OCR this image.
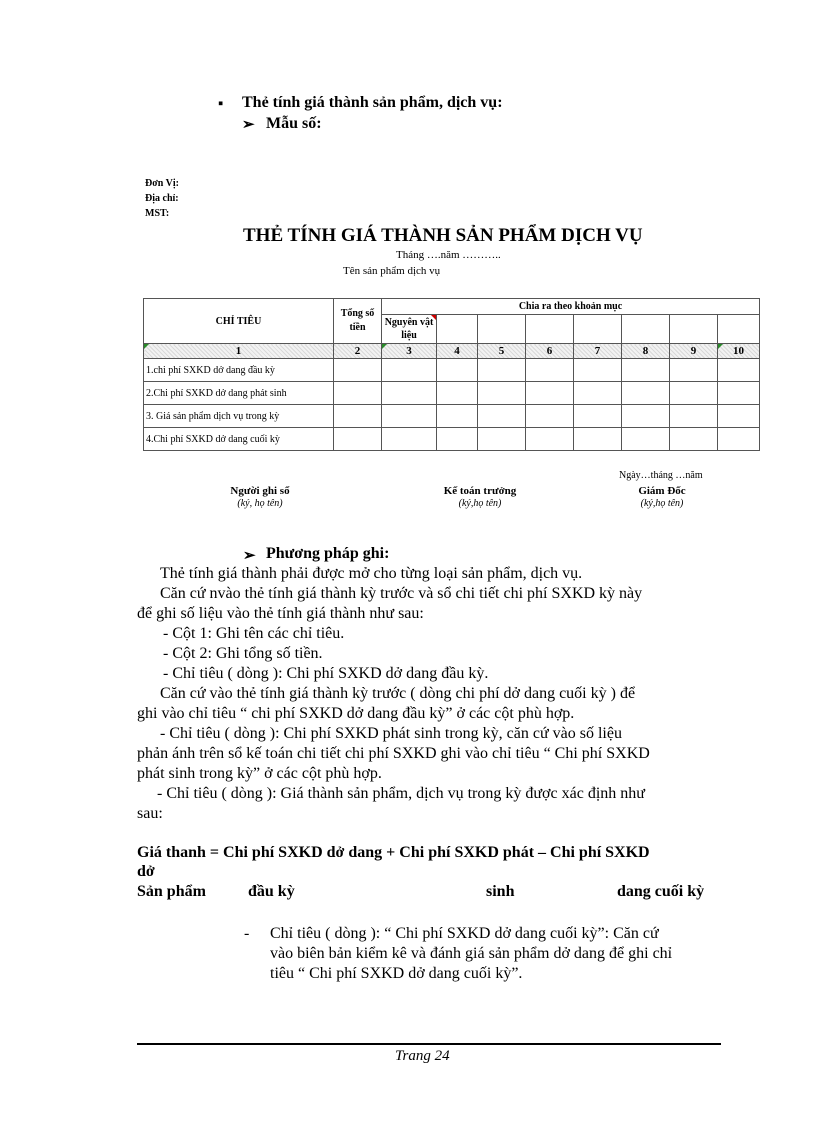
▪ Thẻ tính giá thành sản phẩm, dịch vụ:
➢ Mẫu số:
Đơn Vị:
Địa chỉ:
MST:
THẺ TÍNH GIÁ THÀNH SẢN PHẨM DỊCH VỤ
Tháng ….năm ………..
Tên sản phẩm dịch vụ
CHỈ TIÊU	Tổng số tiền	Chia ra theo khoản mục							
		Nguyên vật liệu

1	2	3	4	5	6	7	8	9	10
1.chi phí SXKD dở dang đầu kỳ									
2.Chi phí SXKD dở dang phát sinh									
3. Giá sản phẩm dịch vụ trong kỳ									
4.Chi phí SXKD dở dang cuối kỳ									
Ngày…tháng …năm
Người ghi sổ
(ký, họ tên)
Kế toán trưởng
(ký,họ tên)
Giám Đốc
(ký,họ tên)
➢ Phương pháp ghi:
Thẻ tính giá thành phải được mở cho từng loại sản phẩm, dịch vụ.
Căn cứ nvào thẻ tính giá thành kỳ trước và sổ chi tiết chi phí SXKD kỳ này
để ghi số liệu vào thẻ tính giá thành như sau:
- Cột 1: Ghi tên các chỉ tiêu.
- Cột 2: Ghi tổng số tiền.
- Chỉ tiêu ( dòng ): Chi phí SXKD dở dang đầu kỳ.
Căn cứ vào thẻ tính giá thành kỳ trước ( dòng chi phí dở dang cuối kỳ ) để
ghi vào chỉ tiêu “ chi phí SXKD dở dang đầu kỳ” ở các cột phù hợp.
- Chỉ tiêu ( dòng ): Chi phí SXKD phát sinh trong kỳ, căn cứ vào số liệu
phản ánh trên sổ kế toán chi tiết chi phí SXKD ghi vào chỉ tiêu “ Chi phí SXKD
phát sinh trong kỳ” ở các cột phù hợp.
- Chỉ tiêu ( dòng ): Giá thành sản phẩm, dịch vụ trong kỳ được xác định như
sau:
Giá thanh = Chi phí SXKD dở dang + Chi phí SXKD phát – Chi phí SXKD
dở
Sản phẩm	đầu kỳ	sinh	dang cuối kỳ
- Chỉ tiêu ( dòng ): “ Chi phí SXKD dở dang cuối kỳ”: Căn cứ
vào biên bản kiểm kê và đánh giá sản phẩm dở dang để ghi chỉ
tiêu “ Chi phí SXKD dở dang cuối kỳ”.
Trang 24
